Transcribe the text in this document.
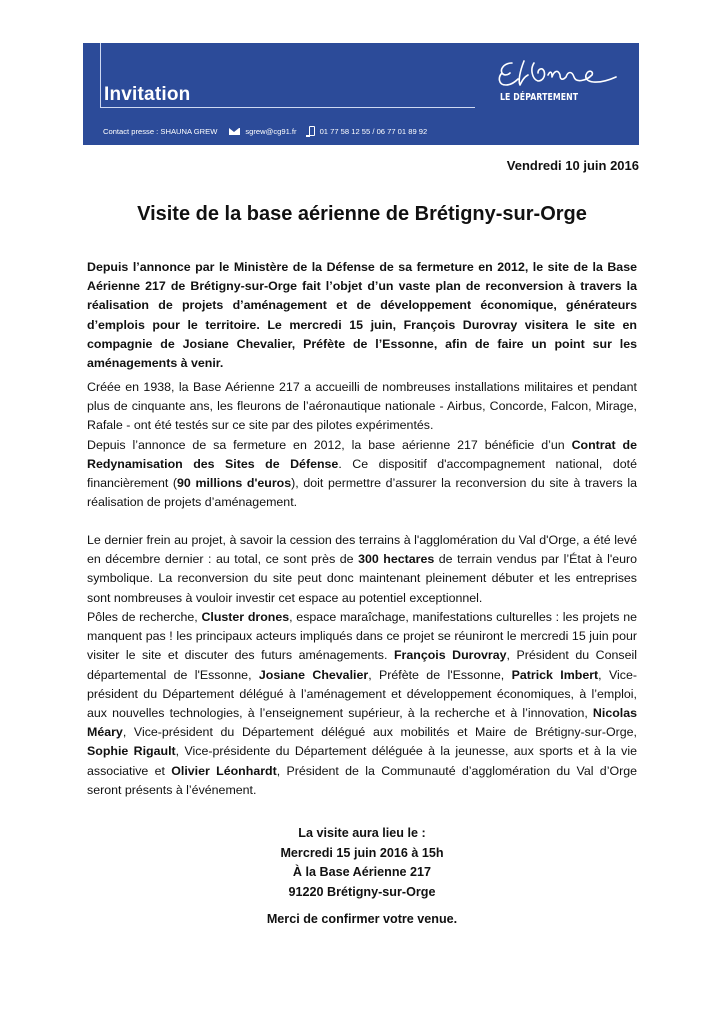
Invitation
Contact presse : SHAUNA GREW	sgrew@cg91.fr	01 77 58 12 55 / 06 77 01 89 92
LE DÉPARTEMENT
Vendredi 10 juin 2016
Visite de la base aérienne de Brétigny-sur-Orge
Depuis l’annonce par le Ministère de la Défense de sa fermeture en 2012, le site de la Base Aérienne 217 de Brétigny-sur-Orge fait l’objet d’un vaste plan de reconversion à travers la réalisation de projets d’aménagement et de développement économique, générateurs d’emplois pour le territoire. Le mercredi 15 juin, François Durovray visitera le site en compagnie de Josiane Chevalier, Préfète de l’Essonne, afin de faire un point sur les aménagements à venir.
Créée en 1938, la Base Aérienne 217 a accueilli de nombreuses installations militaires et pendant plus de cinquante ans, les fleurons de l’aéronautique nationale - Airbus, Concorde, Falcon, Mirage, Rafale - ont été testés sur ce site par des pilotes expérimentés.
Depuis l’annonce de sa fermeture en 2012, la base aérienne 217 bénéficie d’un Contrat de Redynamisation des Sites de Défense. Ce dispositif d'accompagnement national, doté financièrement (90 millions d'euros), doit permettre d’assurer la reconversion du site à travers la réalisation de projets d’aménagement.
Le dernier frein au projet, à savoir la cession des terrains à l'agglomération du Val d'Orge, a été levé en décembre dernier : au total, ce sont près de 300 hectares de terrain vendus par l’État à l'euro symbolique. La reconversion du site peut donc maintenant pleinement débuter et les entreprises sont nombreuses à vouloir investir cet espace au potentiel exceptionnel.
Pôles de recherche, Cluster drones, espace maraîchage, manifestations culturelles : les projets ne manquent pas ! les principaux acteurs impliqués dans ce projet se réuniront le mercredi 15 juin pour visiter le site et discuter des futurs aménagements. François Durovray, Président du Conseil départemental de l'Essonne, Josiane Chevalier, Préfète de l'Essonne, Patrick Imbert, Vice-président du Département délégué à l’aménagement et développement économiques, à l’emploi, aux nouvelles technologies, à l’enseignement supérieur, à la recherche et à l’innovation, Nicolas Méary, Vice-président du Département délégué aux mobilités et Maire de Brétigny-sur-Orge, Sophie Rigault, Vice-présidente du Département déléguée à la jeunesse, aux sports et à la vie associative et Olivier Léonhardt, Président de la Communauté d’agglomération du Val d’Orge seront présents à l’événement.
La visite aura lieu le :
Mercredi 15 juin 2016 à 15h
À la Base Aérienne 217
91220 Brétigny-sur-Orge
Merci de confirmer votre venue.
